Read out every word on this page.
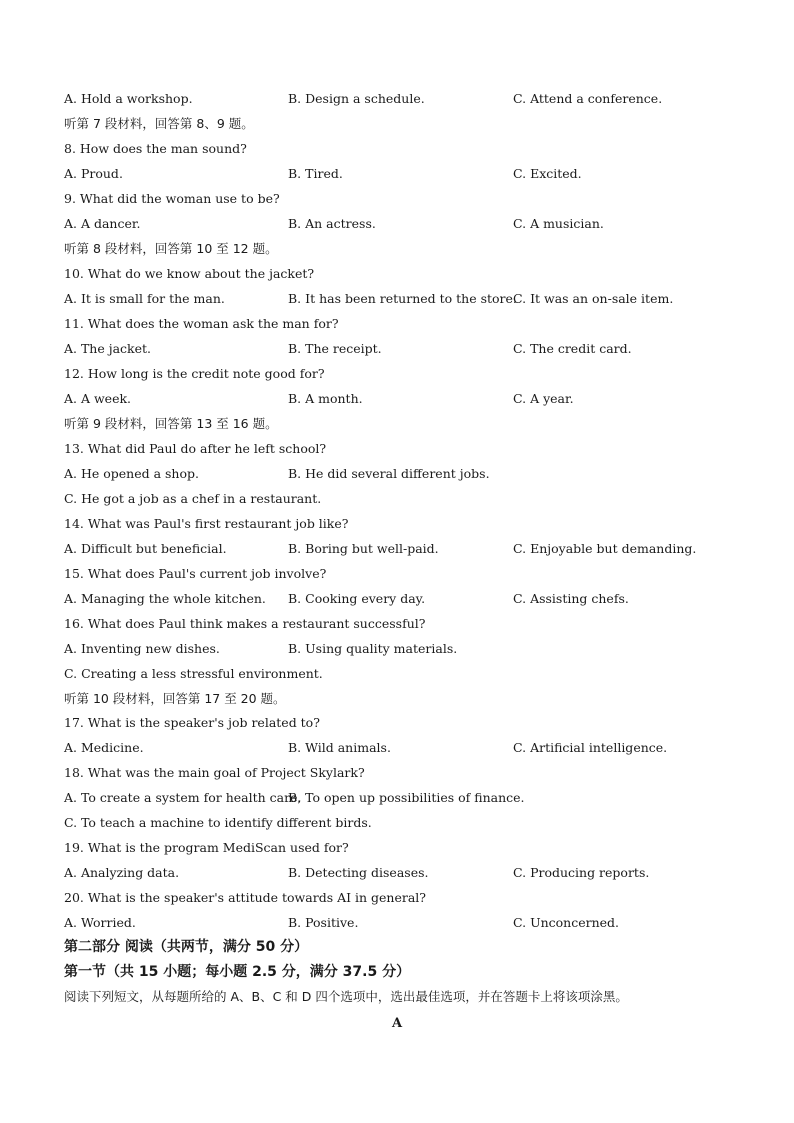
A. Hold a workshop.	B. Design a schedule.	C. Attend a conference.
听第 7 段材料，回答第 8、9 题。
8. How does the man sound?
A. Proud.	B. Tired.	C. Excited.
9. What did the woman use to be?
A. A dancer.	B. An actress.	C. A musician.
听第 8 段材料，回答第 10 至 12 题。
10. What do we know about the jacket?
A. It is small for the man.	B. It has been returned to the store.
C. It was an on-sale item.
11. What does the woman ask the man for?
A. The jacket.	B. The receipt.	C. The credit card.
12. How long is the credit note good for?
A. A week.	B. A month.	C. A year.
听第 9 段材料，回答第 13 至 16 题。
13. What did Paul do after he left school?
A. He opened a shop.	B. He did several different jobs.
C. He got a job as a chef in a restaurant.
14. What was Paul's first restaurant job like?
A. Difficult but beneficial.	B. Boring but well-paid.	C. Enjoyable but demanding.
15. What does Paul's current job involve?
A. Managing the whole kitchen. B. Cooking every day.	C. Assisting chefs.
16. What does Paul think makes a restaurant successful?
A. Inventing new dishes.	B. Using quality materials.
C. Creating a less stressful environment.
听第 10 段材料，回答第 17 至 20 题。
17. What is the speaker's job related to?
A. Medicine.	B. Wild animals.	C. Artificial intelligence.
18. What was the main goal of Project Skylark?
A. To create a system for health care,
B. To open up possibilities of finance.
C. To teach a machine to identify different birds.
19. What is the program MediScan used for?
A. Analyzing data.	B. Detecting diseases.	C. Producing reports.
20. What is the speaker's attitude towards AI in general?
A. Worried.	B. Positive.	C. Unconcerned.
第二部分 阅读（共两节，满分 50 分）
第一节（共 15 小题；每小题 2.5 分，满分 37.5 分）
阅读下列短文，从每题所给的 A、B、C 和 D 四个选项中，选出最佳选项，并在答题卡上将该项涂黑。
A
